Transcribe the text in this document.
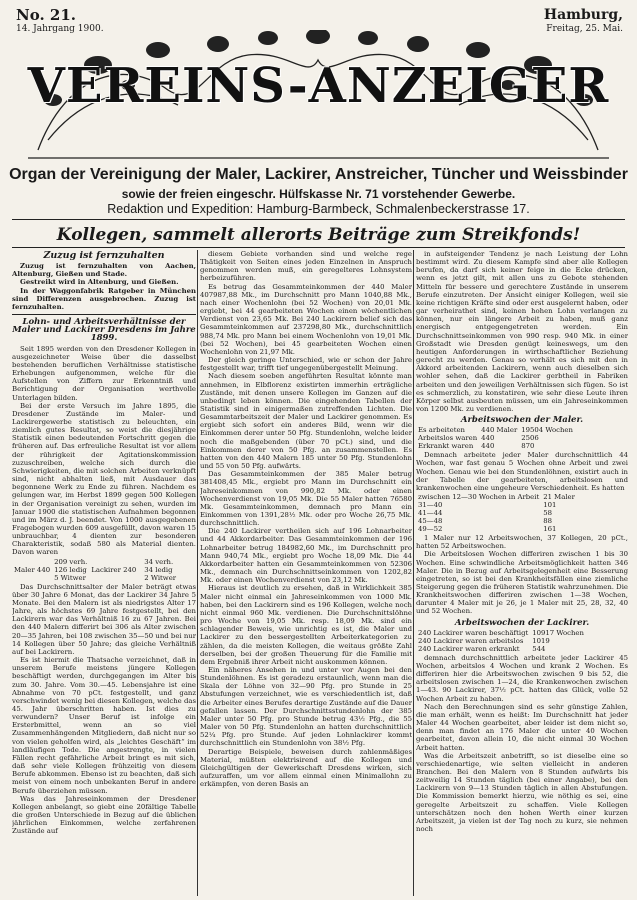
No. 21.
14. Jahrgang 1900.
Hamburg,
Freitag, 25. Mai.
VEREINS-ANZEIGER
Organ der Vereinigung der Maler, Lackirer, Anstreicher, Tüncher und Weissbinder
sowie der freien eingeschr. Hülfskasse Nr. 71 vorstehender Gewerbe.
Redaktion und Expedition: Hamburg-Barmbeck, Schmalenbeckerstrasse 17.
Kollegen, sammelt allerorts Beiträge zum Streikfonds!
Zuzug ist fernzuhalten

Zuzug ist fernzuhalten von Aachen, Altenburg, Gießen und Stade.

Gestreikt wird in Altenburg, und Gießen.

In der Waggonfabrik Ratgeber in München sind Differenzen ausgebrochen. Zuzug ist fernzuhalten.

Lohn- und Arbeitsverhältnisse der Maler und Lackirer Dresdens im Jahre 1899.

Seit 1895 werden von den Dresdener Kollegen in ausgezeichneter Weise über die dasselbst bestehenden beruflichen Verhältnisse statistische Erhebungen aufgenommen, welche für die Aufstellen von Ziffern zur Erkenntniß und Berichtigung der Organisation werthvolle Unterlagen bilden.

Bei der erste Versuch im Jahre 1895, die Dresdener Zustände im Maler- und Lackirergewerbe statistisch zu beleuchten, ein ziemlich gutes Resultat, so weist die diesjährige Statistik einen bedeutenden Fortschritt gegen die früheren auf. Das erfreuliche Resultat ist vor allem der rührigkeit der Agitationskommission zuzuschreiben, welche sich durch die Schwierigkeiten, die mit solchen Arbeiten verknüpft sind, nicht abhalten ließ, mit Ausdauer das begonnene Werk zu Ende zu führen. Nachdem es gelungen war, im Herbst 1899 gegen 500 Kollegen in der Organisation vereinigt zu sehen, wurden im Januar 1900 die statistischen Aufnahmen begonnen und im März d. J. beendet. Von 1000 ausgegebenen Fragebogen wurden 609 ausgefüllt, davon waren 15 unbrauchbar, 4 dienten zur besonderen Charakteristik, sodaß 580 als Material dienten. Davon waren

	209 verh.			34 verh.
Maler 440	126 ledig	Lackirer 240		34 ledig
	5 Witwer			2 Witwer

Das Durchschnittsalter der Maler beträgt etwas über 30 Jahre 6 Monat, das der Lackirer 34 Jahre 5 Monate. Bei den Malern ist als niedrigstes Alter 17 Jahre, als höchstes 69 Jahre festgestellt, bei den Lackirern war das Verhältniß 16 zu 67 Jahren. Bei den 440 Malern differirt bei 306 als Alter zwischen 20—35 Jahren, bei 108 zwischen 35—50 und bei nur 14 Kollegen über 50 Jahre; das gleiche Verhältniß auf bei Lackirern.

Es ist hiermit die Thatsache verzeichnet, daß in unserem Berufe meistens jüngere Kollegen beschäftigt werden, durchgegangen im Alter bis zum 30. Jahre. Vom 30.—45. Lebensjahre ist eine Abnahme von 70 pCt. festgestellt, und ganz verschwindet wenig bei diesen Kollegen, welche das 45. Jahr überschritten haben. Ist dies zu verwundern? Unser Beruf ist infolge ein Ersterbmittel, wenn an so viel Zusammenhängenden Mitgliedern, daß nicht nur so von vielen geholfen wird, als „leichtes Geschäft“ im landläufigen Tode. Die angestrengte, in vielen Fällen recht gefährliche Arbeit bringt es mit sich, daß sehr viele Kollegen frühzeitig von diesem Berufe abkommen. Ebenso ist zu beachten, daß sich meist von einem noch unbekanten Beruf in andere Berufe überziehen müssen.

Was das Jahreseinkommen der Dresdener Kollegen anbelangt, so giebt eine 20fältige Tabelle die großen Unterschiede in Bezug auf die üblichen jährlichen Einkommen, welche zerfahrenen Zustände auf

diesem Gebiete vorhanden sind und welche rege Thätigkeit von Seiten eines jeden Einzelnen in Anspruch genommen werden muß, ein geregelteres Lohnsystem herbeizuführen.

Es betrug das Gesammteinkommen der 440 Maler 407987,88 Mk., im Durchschnitt pro Mann 1040,88 Mk., nach einer Wochenlohn (bei 52 Wochen) von 20,01 Mk. ergiebt, bei 44 gearbeiteten Wochen einen wöchentlichen Verdienst von 23,65 Mk. Bei 240 Lackirern belief sich das Gesammteinkommen auf 237298,80 Mk., durchschnittlich 988,74 Mk. pro Mann bei einem Wochenlohn von 19,01 Mk. (bei 52 Wochen), bei 45 gearbeiteten Wochen einen Wochenlohn von 21,97 Mk.

Der gleich geringe Unterschied, wie er schon der Jahre festgestellt war, trifft tief ungegenübergestellt Meinung.

Nach diesem soeben angeführten Resultat könnte man annehmen, in Elbflorenz existirten immerhin erträgliche Zustände, mit denen unsere Kollegen im Ganzen auf die unbedingt leben können. Die eingehenden Tabellen der Statistik sind in einigermaßen zutreffenden Lichten. Die Gesammtarbeitszeit der Maler und Lackirer genommen. Es ergiebt sich sofort ein anderes Bild, wenn wir die Einkommen derer unter 50 Pfg. Stundenlohn, welche leider noch die maßgebenden (über 70 pCt.) sind, und die Einkommen derer von 50 Pfg. an zusammenstellen. Es hatten von den 440 Malern 185 unter 50 Pfg. Stundenlohn und 55 von 50 Pfg. aufwärts.

Das Gesammteinkommen der 385 Maler betrug 381408,45 Mk., ergiebt pro Mann im Durchschnitt ein Jahreseinkommen von 990,82 Mk. oder einen Wochenverdienst von 19,05 Mk. Die 55 Maler hatten 76580 Mk. Gesammteinkommen, demnach pro Mann ein Einkommen von 1391,28½ Mk. oder pro Woche 26,75 Mk. durchschnittlich.

Die 240 Lackirer vertheilen sich auf 196 Lohnarbeiter und 44 Akkordarbeiter. Das Gesammteinkommen der 196 Lohnarbeiter betrug 184982,60 Mk., im Durchschnitt pro Mann 940,74 Mk., ergiebt pro Woche 18,09 Mk. Die 44 Akkordarbeiter hatten ein Gesammteinkommen von 52306 Mk., demnach ein Durchschnittseinkommen von 1202,82 Mk. oder einen Wochenverdienst von 23,12 Mk.

Hieraus ist deutlich zu ersehen, daß in Wirklichkeit 385 Maler nicht einmal ein Jahreseinkommen von 1000 Mk. haben, bei den Lackirern sind es 196 Kollegen, welche noch nicht einmal 960 Mk. verdienen. Die Durchschnittslöhne pro Woche von 19,05 Mk. resp. 18,09 Mk. sind ein schlagender Beweis, wie unrichtig es ist, die Maler und Lackirer zu den bessergestellten Arbeiterkategorien zu zählen, da die meisten Kollegen, die weitaus größte Zahl derselben, bei der großen Theuerung für die Familie mit dem Ergebniß ihrer Arbeit nicht auskommen können.

Ein näheres Ansehen in und unter vor Augen bei den Stundenlöhnen. Es ist geradezu erstaunlich, wenn man die Skala der Löhne von 32—90 Pfg. pro Stunde in 25 Abstufungen verzeichnet, wie es verschiedentlich ist, daß die Arbeiter eines Berufes derartige Zustände auf die Dauer gefallen lassen. Der Durchschnittsstundenlohn der 385 Maler unter 50 Pfg. pro Stunde betrug 43½ Pfg., die 55 Maler von 50 Pfg. Stundenlohn an hatten durchschnittlich 52¼ Pfg. pro Stunde. Auf jeden Lohnlackirer kommt durchschnittlich ein Stundenlohn von 38½ Pfg.

Derartige Beispiele, beweisen durch zahlenmäßiges Material, müßten elektrisirend auf die Kollegen und Gleichgültigen der Gewerkschaft Dresdens wirken, sich aufzuraffen, um vor allem einmal einen Minimallohn zu erkämpfen, von deren Basis an

in aufsteigender Tendenz je nach Leistung der Lohn bestimmt wird. Zu diesem Kampfe sind aber alle Kollegen berufen, da darf sich keiner feige in die Ecke drücken, wenn es jetzt gilt, mit allen uns zu Gebote stehenden Mitteln für bessere und gerechtere Zustände in unserem Berufe einzutreten. Der Ansicht einiger Kollegen, weil sie keine richtigen Kräfte sind oder erst ausgelernt haben, oder gar verheirathet sind, keinen hohen Lohn verlangen zu können, nur ein längere Arbeit zu haben, muß ganz energisch entgegengetreten werden. Ein Durchschnittseinkommen von 990 resp. 940 Mk. in einer Großstadt wie Dresden genügt keineswegs, um den heutigen Anforderungen in wirthschaftlicher Beziehung gerecht zu werden. Genau so verhält es sich mit den in Akkord arbeitenden Lackirern, wenn auch dieselben sich wohler sehen, daß die Lackirer gerbtheil in Fabriken arbeiten und den jeweiligen Verhältnissen sich fügen. So ist es schmerzlich, zu konstatiren, wie sehr diese Leute ihren Körper selbst ausbeuten müssen, um ein Jahreseinkommen von 1200 Mk. zu verdienen.

Arbeitswochen der Maler.
Es arbeiteten	440 Maler	19504 Wochen
Arbeitslos waren	440	2506
Erkrankt waren	440	870

Demnach arbeitete jeder Maler durchschnittlich 44 Wochen, war fast genau 5 Wochen ohne Arbeit und zwei Wochen. Genau wie bei den Stundenlöhnen, existirt auch in der Tabelle der gearbeiteten, arbeitslosen und krankenwochen eine ungeheure Verschiedenheit. Es hatten

zwischen 12—30 Wochen in Arbeit	21 Maler
31—40	101
41—44	58
45—48	88
49—52	161

1 Maler nur 12 Arbeitswochen, 37 Kollegen, 20 pCt., hatten 52 Arbeitswochen.

Die Arbeitslosen Wochen differiren zwischen 1 bis 30 Wochen. Eine schwindliche Arbeitsmöglichkeit hatten 346 Maler. Die in Bezug auf Arbeitsgelegenheit eine Besserung eingetreten, so ist bei den Krankheitsfällen eine ziemliche Steigerung gegen die früheren Statistik wahrzunehmen. Die Krankheitswochen differiren zwischen 1—38 Wochen, darunter 4 Maler mit je 26, je 1 Maler mit 25, 28, 32, 40 und 52 Wochen.

Arbeitswochen der Lackirer.
240 Lackirer waren beschäftigt	10917 Wochen
240 Lackirer waren arbeitslos	1019
240 Lackirer waren erkrankt	544

demnach durchschnittlich arbeitete jeder Lackirer 45 Wochen, arbeitslos 4 Wochen und krank 2 Wochen. Es differiren hier die Arbeitswochen zwischen 9 bis 52, die arbeitslosen zwischen 1—24, die Krankenwochen zwischen 1—43. 90 Lackirer, 37½ pCt. hatten das Glück, volle 52 Wochen Arbeit zu haben.

Nach den Berechnungen sind es sehr günstige Zahlen, die man erhält, wenn es heißt: Im Durchschnitt hat jeder Maler 44 Wochen gearbeitet, aber leider ist dem nicht so, denn man findet an 176 Maler die unter 40 Wochen gearbeitet, davon allein 10, die nicht einmal 30 Wochen Arbeit hatten.

Was die Arbeitszeit anbetrifft, so ist dieselbe eine so verschiedenartige, wie selten vielleicht in anderen Branchen. Bei den Malern von 8 Stunden aufwärts bis zeitweilig 14 Stunden täglich (bei einer Angabe), bei den Lackirern von 9—13 Stunden täglich in allen Abstufungen. Die Kommission bemerkt hierzu, wie nöthig es sei, eine geregelte Arbeitszeit zu schaffen. Viele Kollegen unterschätzen noch den hohen Werth einer kurzen Arbeitszeit, ja vielen ist der Tag noch zu kurz, sie nehmen noch
